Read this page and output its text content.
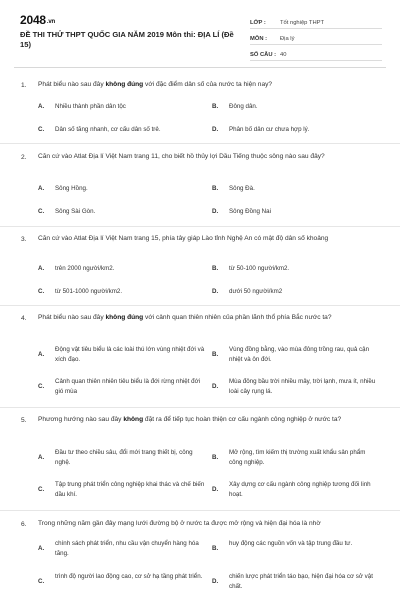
2048.vn
ĐỀ THI THỬ THPT QUỐC GIA NĂM 2019 Môn thi: ĐỊA LÍ (Đề 15)
LỚP :	Tốt nghiệp THPT
MÔN :	Địa lý
SỐ CÂU : 40
1. Phát biểu nào sau đây không đúng với đặc điểm dân số của nước ta hiện nay?
A. Nhiều thành phần dân tộc	B. Đông dân.
C. Dân số tăng nhanh, cơ cấu dân số trẻ.	D. Phân bố dân cư chưa hợp lý.
2. Căn cứ vào Atlat Địa lí Việt Nam trang 11, cho biết hồ thủy lợi Dầu Tiếng thuộc sông nào sau đây?
A. Sông Hồng.	B. Sông Đà.
C. Sông Sài Gòn.	D. Sông Đồng Nai
3. Căn cứ vào Atlat Địa lí Việt Nam trang 15, phía tây giáp Lào tỉnh Nghệ An có mật độ dân số khoảng
A. trên 2000 người/km2.	B. từ 50-100 người/km2.
C. từ 501-1000 người/km2.	D. dưới 50 người/km2
4. Phát biểu nào sau đây không đúng với cảnh quan thiên nhiên của phần lãnh thổ phía Bắc nước ta?
A.
Động vật tiêu biểu là các loài thú lớn vùng nhiệt đới và xích đạo.
B.
Vùng đồng bằng, vào mùa đông trồng rau, quả cận nhiệt và ôn đới.
C.
Cảnh quan thiên nhiên tiêu biểu là đới rừng nhiệt đới gió mùa
D.
Mùa đông bầu trời nhiều mây, trời lạnh, mưa ít, nhiều loài cây rụng lá.
5. Phương hướng nào sau đây không đặt ra để tiếp tục hoàn thiện cơ cấu ngành công nghiệp ở nước ta?
A.
Đầu tư theo chiều sâu, đổi mới trang thiết bị, công nghệ.
B.
Mở rộng, tìm kiếm thị trường xuất khẩu sản phẩm công nghiệp.
C.
Tập trung phát triển công nghiệp khai thác và chế biến dầu khí.
D.
Xây dựng cơ cấu ngành công nghiệp tương đối linh hoạt.
6. Trong những năm gần đây mạng lưới đường bộ ở nước ta được mở rộng và hiện đại hóa là nhờ
A.
chính sách phát triển, nhu cầu vận chuyển hàng hóa tăng.
B.
huy động các nguồn vốn và tập trung đầu tư.
C.
trình độ người lao động cao, cơ sở hạ tầng phát triển.
D.
chiến lược phát triển táo bạo, hiện đại hóa cơ sở vật chất.
